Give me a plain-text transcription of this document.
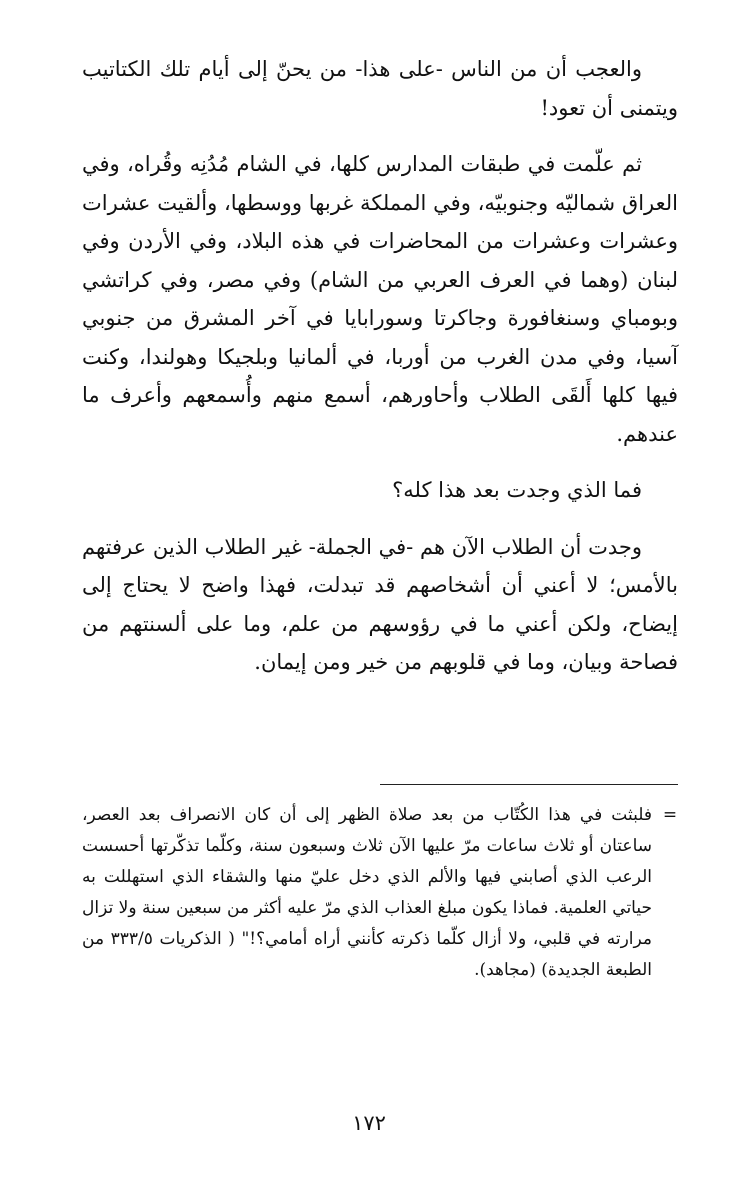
والعجب أن من الناس -على هذا- من يحنّ إلى أيام تلك الكتاتيب ويتمنى أن تعود!

ثم علّمت في طبقات المدارس كلها، في الشام مُدُنِه وقُراه، وفي العراق شماليّه وجنوبيّه، وفي المملكة غربها ووسطها، وألقيت عشرات وعشرات وعشرات من المحاضرات في هذه البلاد، وفي الأردن وفي لبنان (وهما في العرف العربي من الشام) وفي مصر، وفي كراتشي وبومباي وسنغافورة وجاكرتا وسورابايا في آخر المشرق من جنوبي آسيا، وفي مدن الغرب من أوربا، في ألمانيا وبلجيكا وهولندا، وكنت فيها كلها أَلقَى الطلاب وأحاورهم، أسمع منهم وأُسمعهم وأعرف ما عندهم.

فما الذي وجدت بعد هذا كله؟

وجدت أن الطلاب الآن هم -في الجملة- غير الطلاب الذين عرفتهم بالأمس؛ لا أعني أن أشخاصهم قد تبدلت، فهذا واضح لا يحتاج إلى إيضاح، ولكن أعني ما في رؤوسهم من علم، وما على ألسنتهم من فصاحة وبيان، وما في قلوبهم من خير ومن إيمان.

=
فلبثت في هذا الكُتّاب من بعد صلاة الظهر إلى أن كان الانصراف بعد العصر، ساعتان أو ثلاث ساعات مرّ عليها الآن ثلاث وسبعون سنة، وكلّما تذكّرتها أحسست الرعب الذي أصابني فيها والألم الذي دخل عليّ منها والشقاء الذي استهللت به حياتي العلمية. فماذا يكون مبلغ العذاب الذي مرّ عليه أكثر من سبعين سنة ولا تزال مرارته في قلبي، ولا أزال كلّما ذكرته كأنني أراه أمامي؟!" ( الذكريات ٣٣٣/٥ من الطبعة الجديدة) (مجاهد).
١٧٢
